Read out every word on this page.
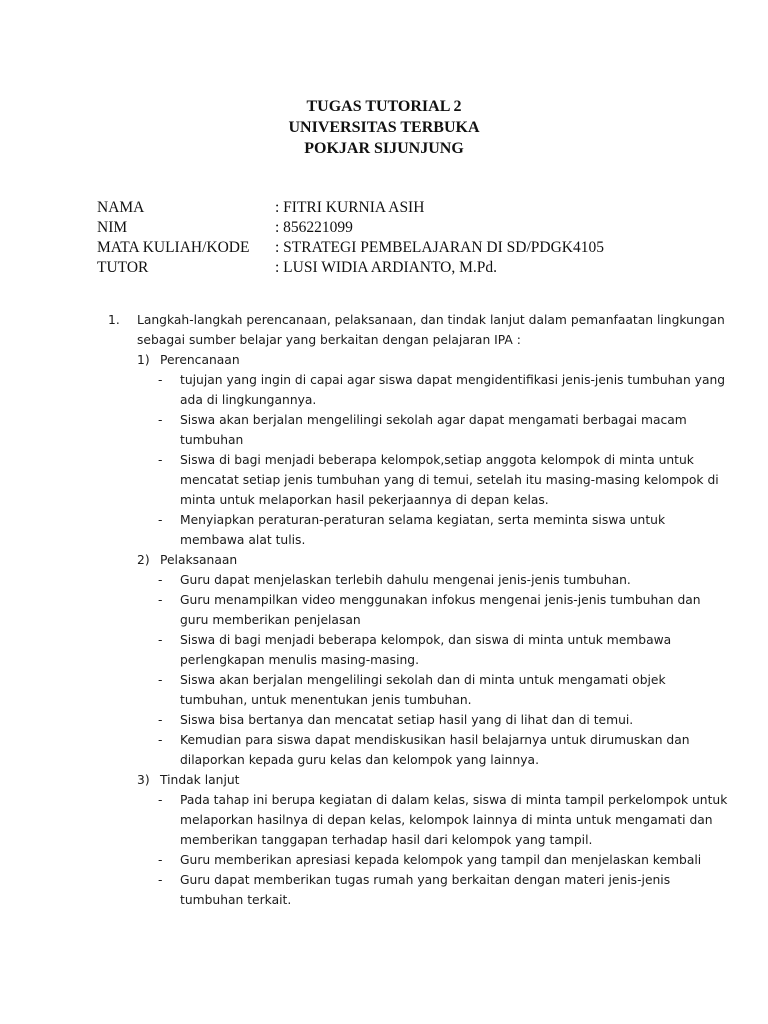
TUGAS TUTORIAL 2
UNIVERSITAS TERBUKA
POKJAR SIJUNJUNG
NAMA	: FITRI KURNIA ASIH
NIM	: 856221099
MATA KULIAH/KODE : STRATEGI PEMBELAJARAN DI SD/PDGK4105
TUTOR	: LUSI WIDIA ARDIANTO, M.Pd.
1. Langkah-langkah perencanaan, pelaksanaan, dan tindak lanjut dalam pemanfaatan lingkungan
sebagai sumber belajar yang berkaitan dengan pelajaran IPA :
1) Perencanaan
- tujujan yang ingin di capai agar siswa dapat mengidentifikasi jenis-jenis tumbuhan yang
ada di lingkungannya.
- Siswa akan berjalan mengelilingi sekolah agar dapat mengamati berbagai macam
tumbuhan
- Siswa di bagi menjadi beberapa kelompok,setiap anggota kelompok di minta untuk
mencatat setiap jenis tumbuhan yang di temui, setelah itu masing-masing kelompok di
minta untuk melaporkan hasil pekerjaannya di depan kelas.
- Menyiapkan peraturan-peraturan selama kegiatan, serta meminta siswa untuk
membawa alat tulis.
2) Pelaksanaan
- Guru dapat menjelaskan terlebih dahulu mengenai jenis-jenis tumbuhan.
- Guru menampilkan video menggunakan infokus mengenai jenis-jenis tumbuhan dan
guru memberikan penjelasan
- Siswa di bagi menjadi beberapa kelompok, dan siswa di minta untuk membawa
perlengkapan menulis masing-masing.
- Siswa akan berjalan mengelilingi sekolah dan di minta untuk mengamati objek
tumbuhan, untuk menentukan jenis tumbuhan.
- Siswa bisa bertanya dan mencatat setiap hasil yang di lihat dan di temui.
- Kemudian para siswa dapat mendiskusikan hasil belajarnya untuk dirumuskan dan
dilaporkan kepada guru kelas dan kelompok yang lainnya.
3) Tindak lanjut
- Pada tahap ini berupa kegiatan di dalam kelas, siswa di minta tampil perkelompok untuk
melaporkan hasilnya di depan kelas, kelompok lainnya di minta untuk mengamati dan
memberikan tanggapan terhadap hasil dari kelompok yang tampil.
- Guru memberikan apresiasi kepada kelompok yang tampil dan menjelaskan kembali
- Guru dapat memberikan tugas rumah yang berkaitan dengan materi jenis-jenis
tumbuhan terkait.
